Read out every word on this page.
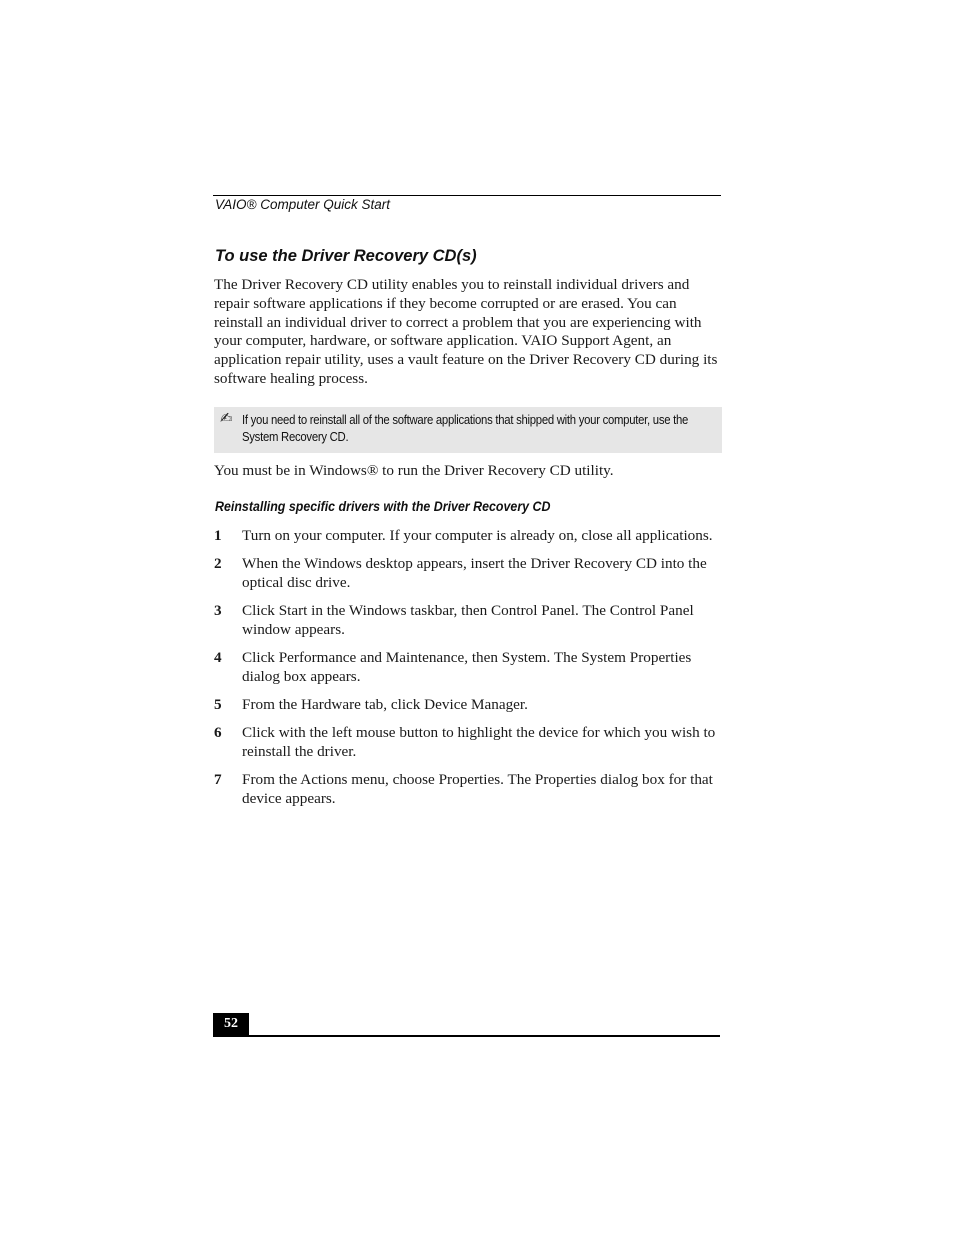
VAIO® Computer Quick Start
To use the Driver Recovery CD(s)

The Driver Recovery CD utility enables you to reinstall individual drivers and repair software applications if they become corrupted or are erased. You can reinstall an individual driver to correct a problem that you are experiencing with your computer, hardware, or software application. VAIO Support Agent, an application repair utility, uses a vault feature on the Driver Recovery CD during its software healing process.

✍ If you need to reinstall all of the software applications that shipped with your computer, use the System Recovery CD.

You must be in Windows® to run the Driver Recovery CD utility.

Reinstalling specific drivers with the Driver Recovery CD
1 Turn on your computer. If your computer is already on, close all applications.
2 When the Windows desktop appears, insert the Driver Recovery CD into the optical disc drive.
3 Click Start in the Windows taskbar, then Control Panel. The Control Panel window appears.
4 Click Performance and Maintenance, then System. The System Properties dialog box appears.
5 From the Hardware tab, click Device Manager.
6 Click with the left mouse button to highlight the device for which you wish to reinstall the driver.
7 From the Actions menu, choose Properties. The Properties dialog box for that device appears.
52
